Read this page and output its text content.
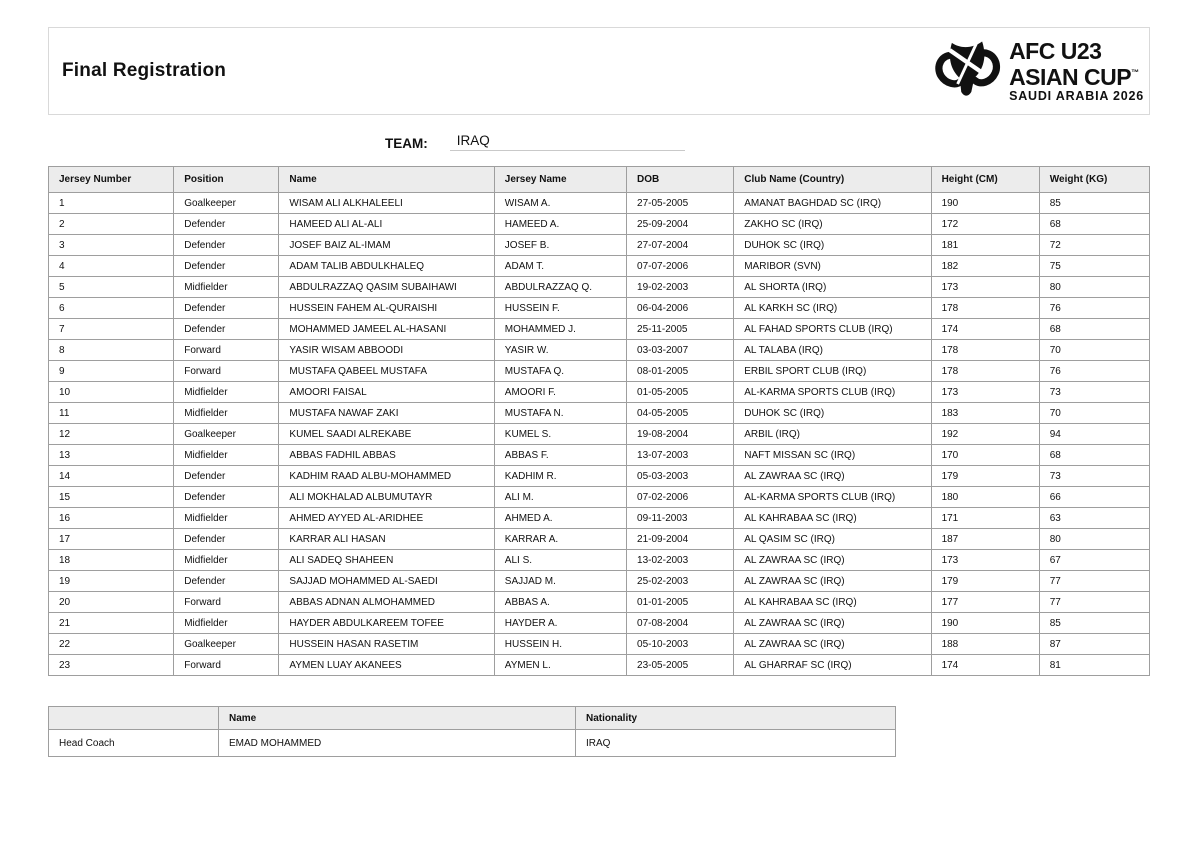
Final Registration
AFC U23
ASIAN CUP™
SAUDI ARABIA 2026
TEAM:	IRAQ
Jersey Number	Position	Name	Jersey Name	DOB	Club Name (Country)	Height (CM)	Weight (KG)
1	Goalkeeper	WISAM ALI ALKHALEELI	WISAM A.	27-05-2005	AMANAT BAGHDAD SC (IRQ)	190	85
2	Defender	HAMEED ALI AL-ALI	HAMEED A.	25-09-2004	ZAKHO SC (IRQ)	172	68
3	Defender	JOSEF BAIZ AL-IMAM	JOSEF B.	27-07-2004	DUHOK SC (IRQ)	181	72
4	Defender	ADAM TALIB ABDULKHALEQ	ADAM T.	07-07-2006	MARIBOR (SVN)	182	75
5	Midfielder	ABDULRAZZAQ QASIM SUBAIHAWI	ABDULRAZZAQ Q.	19-02-2003	AL SHORTA (IRQ)	173	80
6	Defender	HUSSEIN FAHEM AL-QURAISHI	HUSSEIN F.	06-04-2006	AL KARKH SC (IRQ)	178	76
7	Defender	MOHAMMED JAMEEL AL-HASANI	MOHAMMED J.	25-11-2005	AL FAHAD SPORTS CLUB (IRQ)	174	68
8	Forward	YASIR WISAM ABBOODI	YASIR W.	03-03-2007	AL TALABA (IRQ)	178	70
9	Forward	MUSTAFA QABEEL MUSTAFA	MUSTAFA Q.	08-01-2005	ERBIL SPORT CLUB (IRQ)	178	76
10	Midfielder	AMOORI FAISAL	AMOORI F.	01-05-2005	AL-KARMA SPORTS CLUB (IRQ)	173	73
11	Midfielder	MUSTAFA NAWAF ZAKI	MUSTAFA N.	04-05-2005	DUHOK SC (IRQ)	183	70
12	Goalkeeper	KUMEL SAADI ALREKABE	KUMEL S.	19-08-2004	ARBIL (IRQ)	192	94
13	Midfielder	ABBAS FADHIL ABBAS	ABBAS F.	13-07-2003	NAFT MISSAN SC (IRQ)	170	68
14	Defender	KADHIM RAAD ALBU-MOHAMMED	KADHIM R.	05-03-2003	AL ZAWRAA SC (IRQ)	179	73
15	Defender	ALI MOKHALAD ALBUMUTAYR	ALI M.	07-02-2006	AL-KARMA SPORTS CLUB (IRQ)	180	66
16	Midfielder	AHMED AYYED AL-ARIDHEE	AHMED A.	09-11-2003	AL KAHRABAA SC (IRQ)	171	63
17	Defender	KARRAR ALI HASAN	KARRAR A.	21-09-2004	AL QASIM SC (IRQ)	187	80
18	Midfielder	ALI SADEQ SHAHEEN	ALI S.	13-02-2003	AL ZAWRAA SC (IRQ)	173	67
19	Defender	SAJJAD MOHAMMED AL-SAEDI	SAJJAD M.	25-02-2003	AL ZAWRAA SC (IRQ)	179	77
20	Forward	ABBAS ADNAN ALMOHAMMED	ABBAS A.	01-01-2005	AL KAHRABAA SC (IRQ)	177	77
21	Midfielder	HAYDER ABDULKAREEM TOFEE	HAYDER A.	07-08-2004	AL ZAWRAA SC (IRQ)	190	85
22	Goalkeeper	HUSSEIN HASAN RASETIM	HUSSEIN H.	05-10-2003	AL ZAWRAA SC (IRQ)	188	87
23	Forward	AYMEN LUAY AKANEES	AYMEN L.	23-05-2005	AL GHARRAF SC (IRQ)	174	81
	Name	Nationality
Head Coach	EMAD MOHAMMED	IRAQ
